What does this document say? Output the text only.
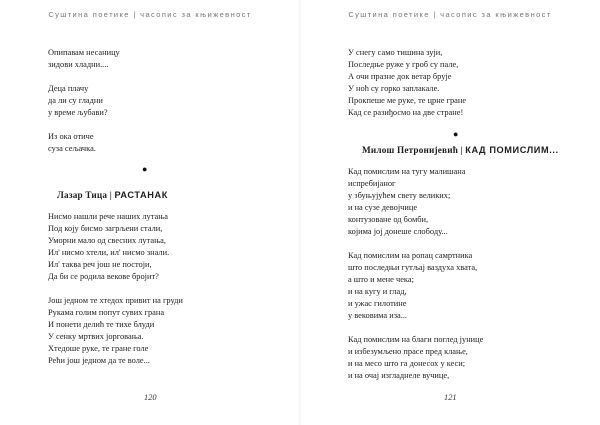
Суштина поетике | часопис за књижевност
Опипавам несаницу
зидови хладни....
Деца плачу
да ли су гладни
у време љубави?
Из ока отиче
суза сељачка.
●
Лазар Тица | РАСТАНАК
Нисмо нашли рече наших лутања
Под коју бисмо загрљени стали,
Уморни мало од свесних лутања,
Ил' нисмо хтели, ил' нисмо знали.
Ил' таква реч још не постоји,
Да би се родила векове бројит?
Још једном те хтедох привит на груди
Рукама голим попут сувих грана
И понети делић те тихе блуди
У сенку мртвих јорговања.
Хтедоше руке, те гране голе
Рећи још једном да те воле...
120
Суштина поетике | часопис за књижевност
У снегу само тишина зуји,
Последње руже у гроб су пале,
А очи празне док ветар брује
У ноћ су горко заплакале.
Прокпеше ме руке, те црне гране
Кад се разиђосмо на две стране!
●
Милош Петронијевић | КАД ПОМИСЛИМ...
Кад помислим на тугу малишана
испребијаног
у збуњујућем свету великих;
и на сузе девојчице
контузоване од бомби,
којима јој донеше слободу...
Кад помислим на ропац самртника
што последњи гутљај ваздуха хвата,
а што и мене чека;
и на кугу и глад,
и ужас гилотине
у вековима иза...
Кад помислим на благи поглед јунице
и избезумљено прасе пред клање,
и на месо што га донесох у кеси;
и на очај изгладнеле вучице,
121
